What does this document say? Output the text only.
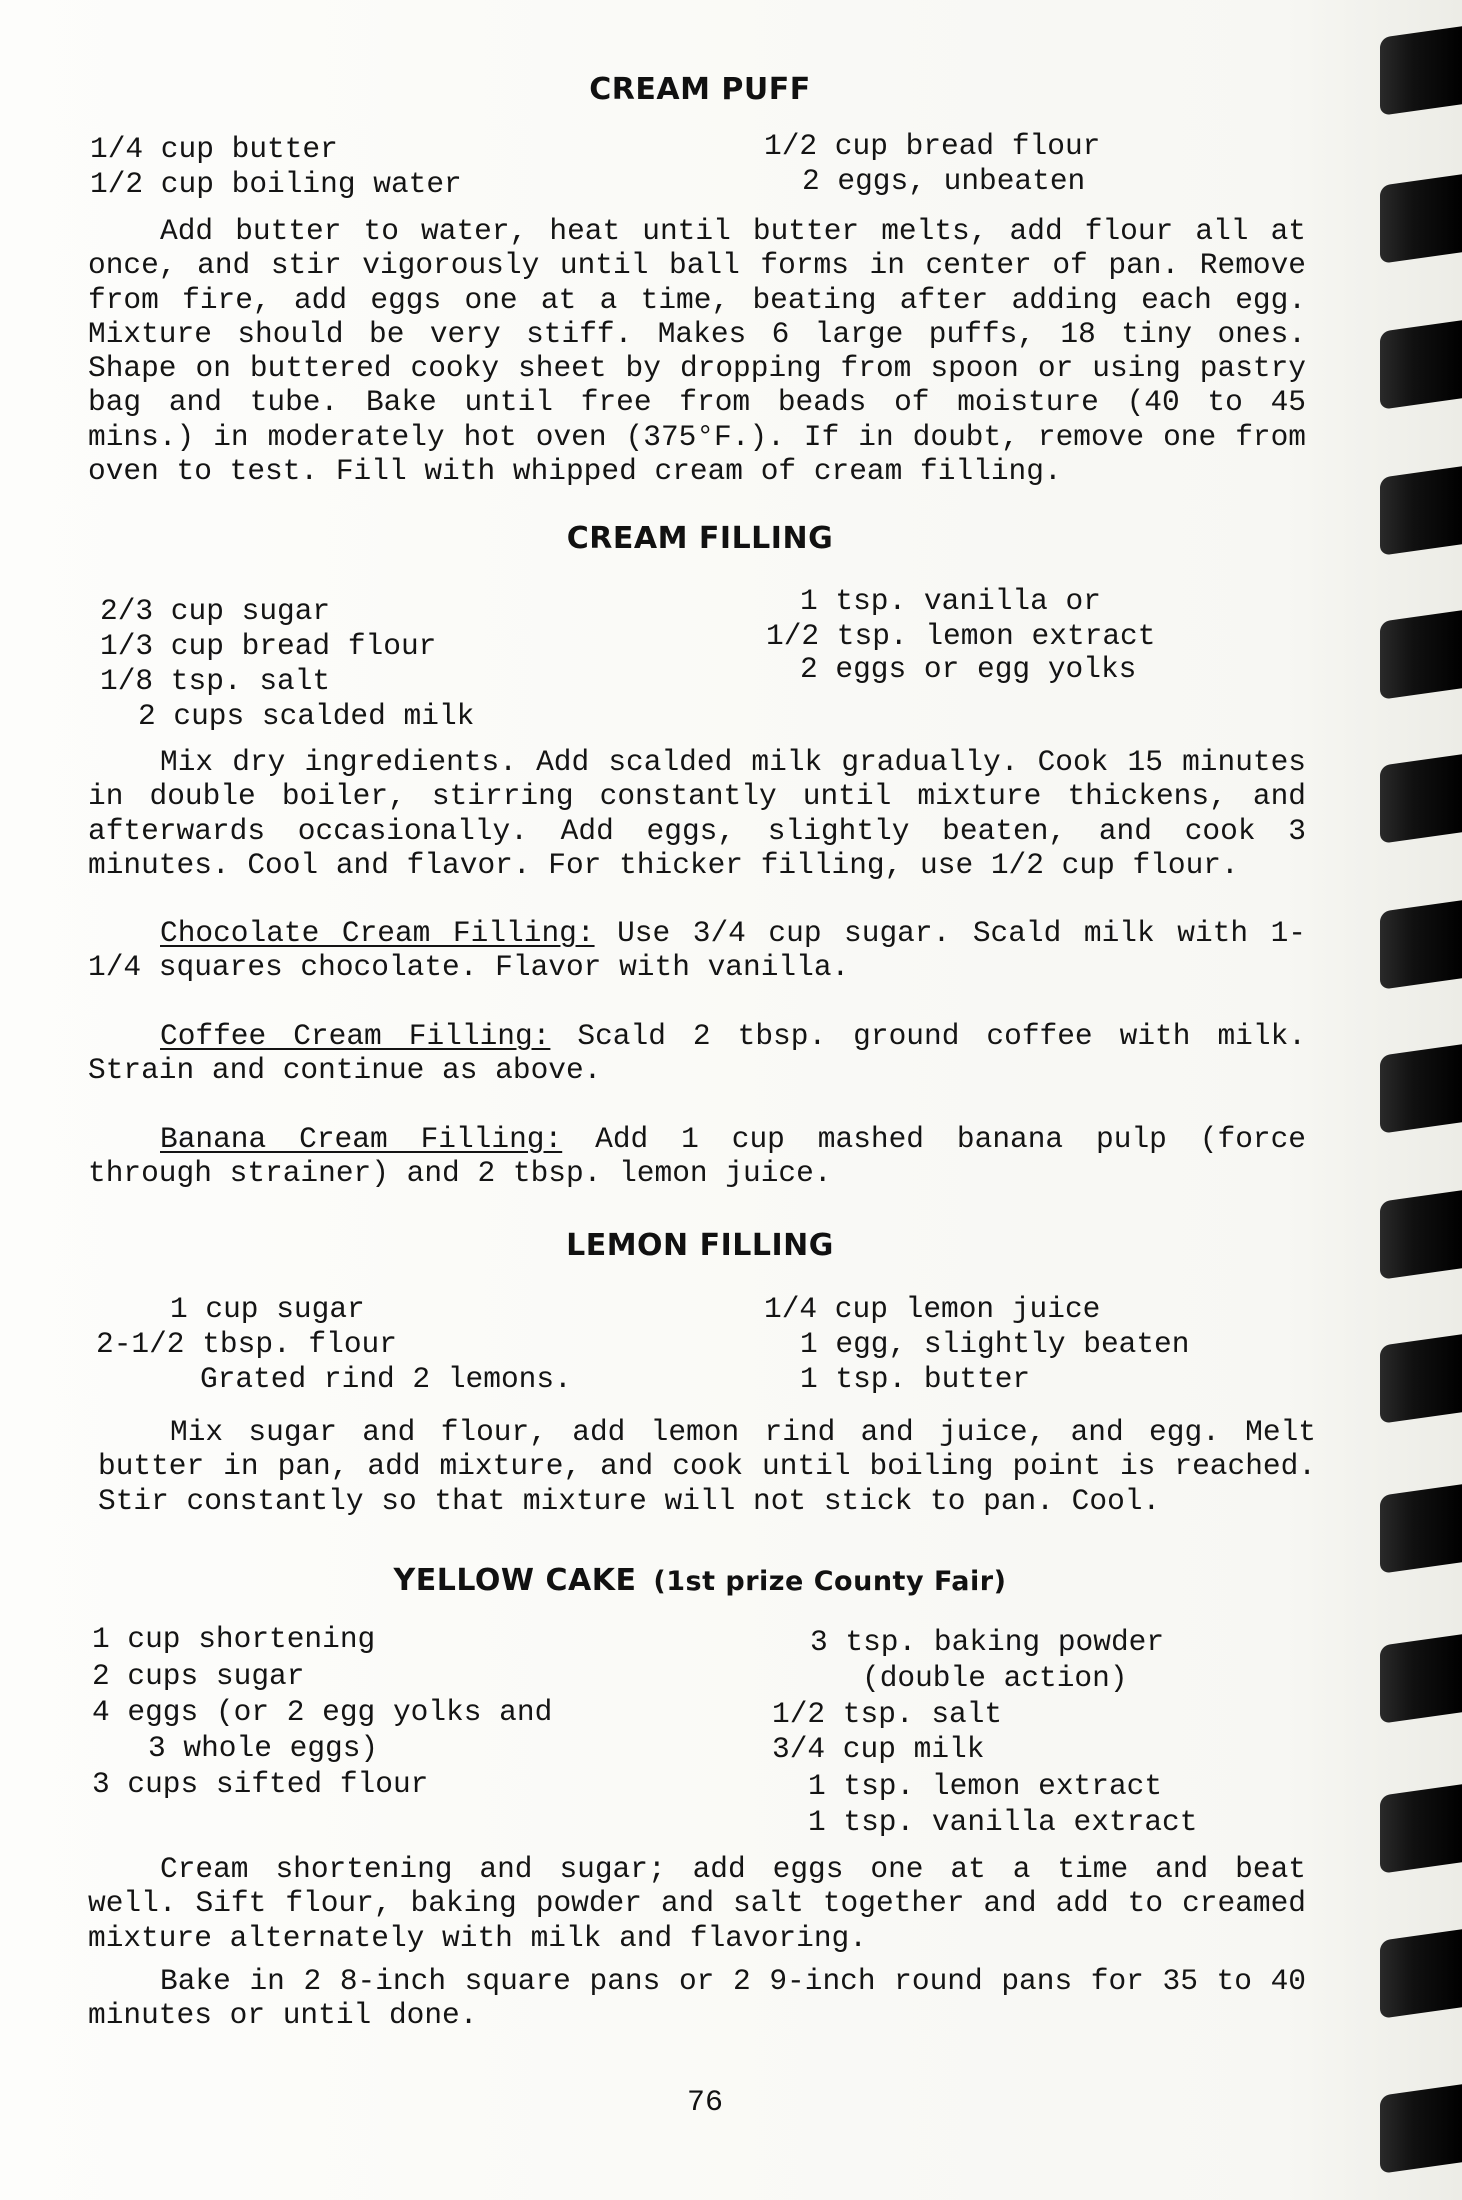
CREAM PUFF
1/4 cup butter
1/2 cup boiling water
1/2 cup bread flour
2 eggs, unbeaten

Add butter to water, heat until butter melts, add flour all at once, and stir vigorously until ball forms in center of pan. Remove from fire, add eggs one at a time, beating after adding each egg. Mixture should be very stiff. Makes 6 large puffs, 18 tiny ones. Shape on buttered cooky sheet by dropping from spoon or using pastry bag and tube. Bake until free from beads of moisture (40 to 45 mins.) in moderately hot oven (375°F.). If in doubt, remove one from oven to test. Fill with whipped cream of cream filling.

CREAM FILLING
2/3 cup sugar
1/3 cup bread flour
1/8 tsp. salt
2 cups scalded milk
1 tsp. vanilla or
1/2 tsp. lemon extract
2 eggs or egg yolks

Mix dry ingredients. Add scalded milk gradually. Cook 15 minutes in double boiler, stirring constantly until mixture thickens, and afterwards occasionally. Add eggs, slightly beaten, and cook 3 minutes. Cool and flavor. For thicker filling, use 1/2 cup flour.

Chocolate Cream Filling: Use 3/4 cup sugar. Scald milk with 1-1/4 squares chocolate. Flavor with vanilla.

Coffee Cream Filling: Scald 2 tbsp. ground coffee with milk. Strain and continue as above.

Banana Cream Filling: Add 1 cup mashed banana pulp (force through strainer) and 2 tbsp. lemon juice.

LEMON FILLING
1 cup sugar
2-1/2 tbsp. flour
Grated rind 2 lemons.
1/4 cup lemon juice
1 egg, slightly beaten
1 tsp. butter

Mix sugar and flour, add lemon rind and juice, and egg. Melt butter in pan, add mixture, and cook until boiling point is reached. Stir constantly so that mixture will not stick to pan. Cool.

YELLOW CAKE (1st prize County Fair)
1 cup shortening
2 cups sugar
4 eggs (or 2 egg yolks and
3 whole eggs)
3 cups sifted flour
3 tsp. baking powder
(double action)
1/2 tsp. salt
3/4 cup milk
1 tsp. lemon extract
1 tsp. vanilla extract

Cream shortening and sugar; add eggs one at a time and beat well. Sift flour, baking powder and salt together and add to creamed mixture alternately with milk and flavoring.

Bake in 2 8-inch square pans or 2 9-inch round pans for 35 to 40 minutes or until done.

76
